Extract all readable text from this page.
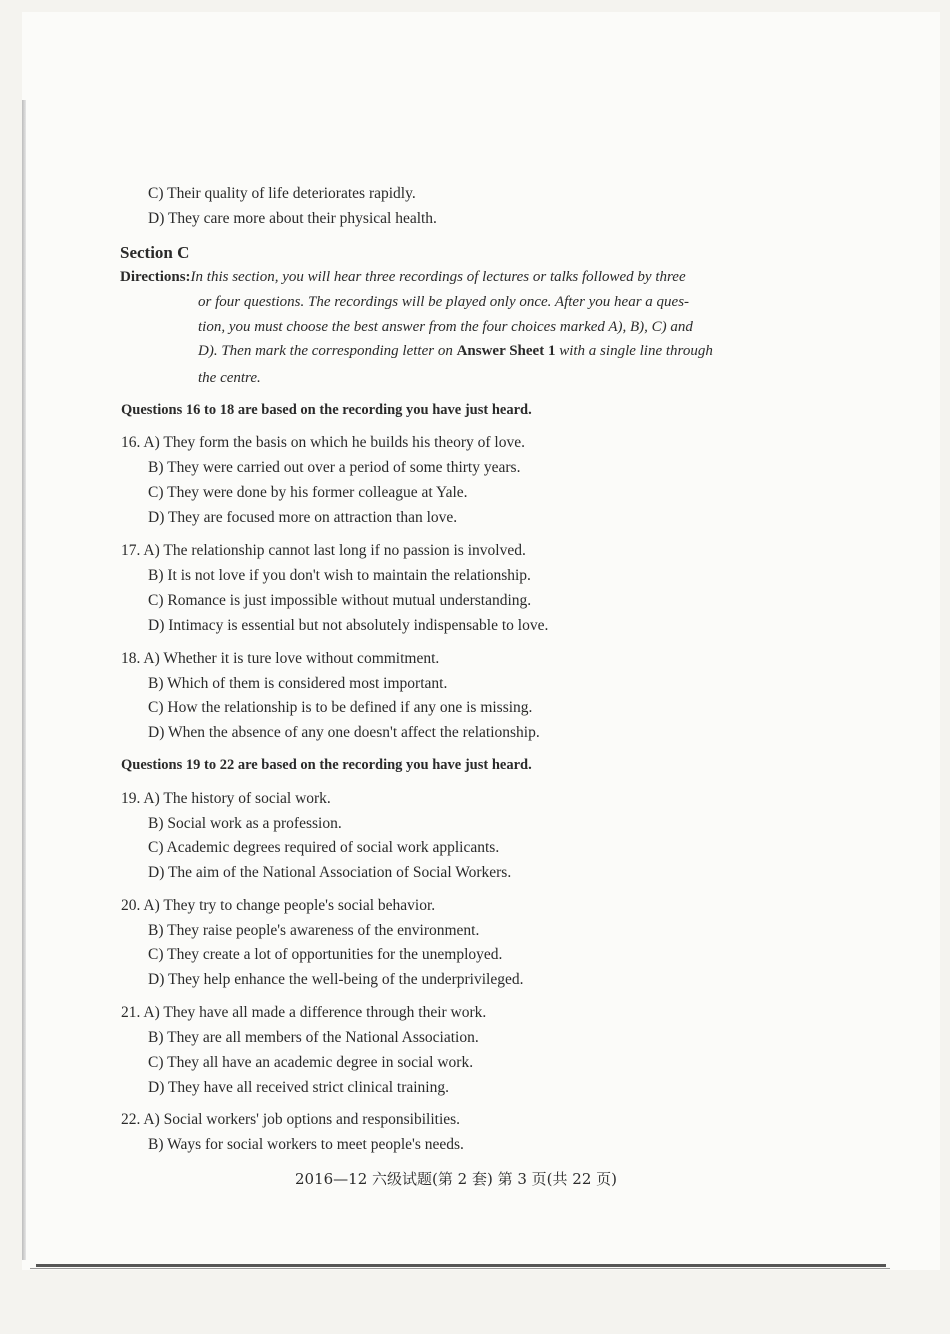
C) Their quality of life deteriorates rapidly.
D) They care more about their physical health.
Section C
Directions:In this section, you will hear three recordings of lectures or talks followed by three
or four questions. The recordings will be played only once. After you hear a ques-
tion, you must choose the best answer from the four choices marked A), B), C) and
D). Then mark the corresponding letter on Answer Sheet 1 with a single line through
the centre.
Questions 16 to 18 are based on the recording you have just heard.
16. A) They form the basis on which he builds his theory of love.
B) They were carried out over a period of some thirty years.
C) They were done by his former colleague at Yale.
D) They are focused more on attraction than love.
17. A) The relationship cannot last long if no passion is involved.
B) It is not love if you don't wish to maintain the relationship.
C) Romance is just impossible without mutual understanding.
D) Intimacy is essential but not absolutely indispensable to love.
18. A) Whether it is ture love without commitment.
B) Which of them is considered most important.
C) How the relationship is to be defined if any one is missing.
D) When the absence of any one doesn't affect the relationship.
Questions 19 to 22 are based on the recording you have just heard.
19. A) The history of social work.
B) Social work as a profession.
C) Academic degrees required of social work applicants.
D) The aim of the National Association of Social Workers.
20. A) They try to change people's social behavior.
B) They raise people's awareness of the environment.
C) They create a lot of opportunities for the unemployed.
D) They help enhance the well-being of the underprivileged.
21. A) They have all made a difference through their work.
B) They are all members of the National Association.
C) They all have an academic degree in social work.
D) They have all received strict clinical training.
22. A) Social workers' job options and responsibilities.
B) Ways for social workers to meet people's needs.
2016—12 六级试题(第 2 套) 第 3 页(共 22 页)
